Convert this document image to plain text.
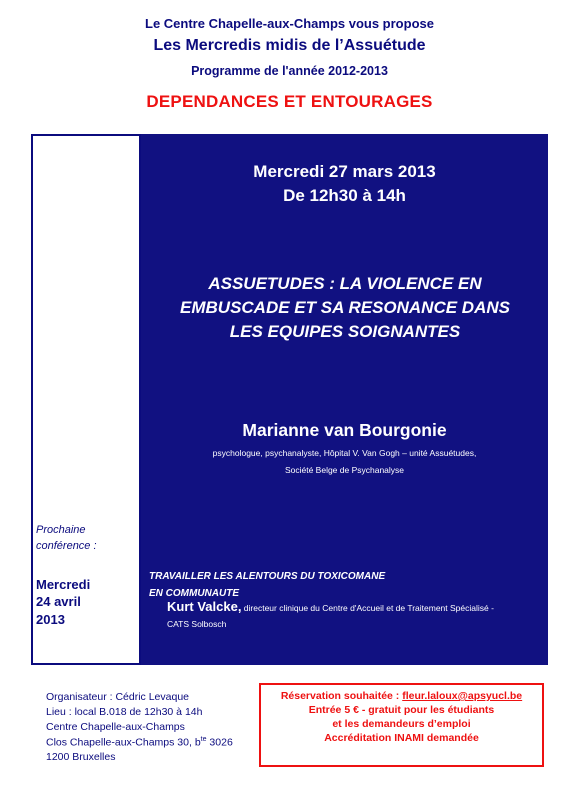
Le Centre Chapelle-aux-Champs vous propose
Les Mercredis midis de l’Assuétude
Programme de l'année 2012-2013
DEPENDANCES ET ENTOURAGES
Mercredi 27 mars 2013
De 12h30 à 14h
ASSUETUDES : LA VIOLENCE EN
EMBUSCADE ET SA RESONANCE DANS
LES EQUIPES SOIGNANTES
Marianne van Bourgonie
psychologue, psychanalyste, Hôpital V. Van Gogh – unité Assuétudes,
Société Belge de Psychanalyse
Prochaine
conférence :
Mercredi
24 avril
2013
TRAVAILLER LES ALENTOURS DU TOXICOMANE
EN COMMUNAUTE
Kurt Valcke, directeur clinique du Centre d'Accueil et de Traitement Spécialisé -
CATS Solbosch
Organisateur : Cédric Levaque
Lieu : local B.018 de 12h30 à 14h
Centre Chapelle-aux-Champs
Clos Chapelle-aux-Champs 30, $b^{te}$ 3026
1200 Bruxelles
Réservation souhaitée : fleur.laloux@apsyucl.be
Entrée 5 € - gratuit pour les étudiants
et les demandeurs d’emploi
Accréditation INAMI demandée
